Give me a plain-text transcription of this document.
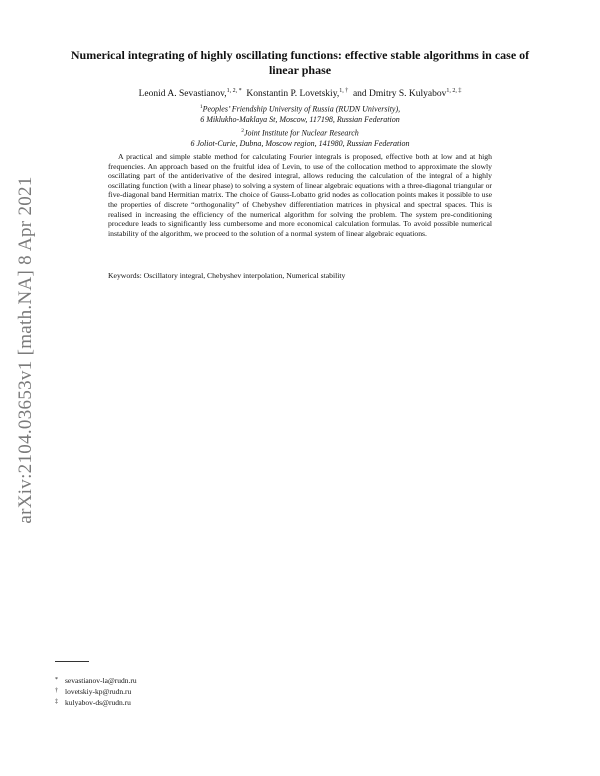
arXiv:2104.03653v1 [math.NA] 8 Apr 2021
Numerical integrating of highly oscillating functions: effective stable algorithms in case of linear phase
Leonid A. Sevastianov,$^{1, 2, *}$ Konstantin P. Lovetskiy,$^{1, \dagger}$ and Dmitry S. Kulyabov$^{1, 2, \ddagger}$
$^1$Peoples’ Friendship University of Russia (RUDN University),
6 Miklukho-Maklaya St, Moscow, 117198, Russian Federation
$^2$Joint Institute for Nuclear Research
6 Joliot-Curie, Dubna, Moscow region, 141980, Russian Federation
A practical and simple stable method for calculating Fourier integrals is proposed, effective both at low and at high frequencies. An approach based on the fruitful idea of Levin, to use of the collocation method to approximate the slowly oscillating part of the antiderivative of the desired integral, allows reducing the calculation of the integral of a highly oscillating function (with a linear phase) to solving a system of linear algebraic equations with a three-diagonal triangular or five-diagonal band Hermitian matrix. The choice of Gauss-Lobatto grid nodes as collocation points makes it possible to use the properties of discrete “orthogonality” of Chebyshev differentiation matrices in physical and spectral spaces. This is realised in increasing the efficiency of the numerical algorithm for solving the problem. The system pre-conditioning procedure leads to significantly less cumbersome and more economical calculation formulas. To avoid possible numerical instability of the algorithm, we proceed to the solution of a normal system of linear algebraic equations.
Keywords: Oscillatory integral, Chebyshev interpolation, Numerical stability
* sevastianov-la@rudn.ru
† lovetskiy-kp@rudn.ru
‡ kulyabov-ds@rudn.ru
